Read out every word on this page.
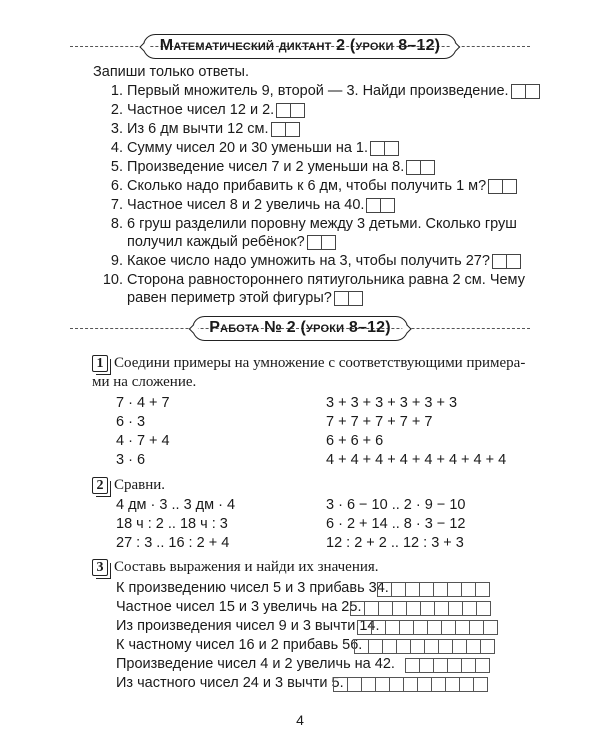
Математический диктант 2 (уроки 8–12)
Запиши только ответы.
1. Первый множитель 9, второй — 3. Найди произведение.
2. Частное чисел 12 и 2.
3. Из 6 дм вычти 12 см.
4. Сумму чисел 20 и 30 уменьши на 1.
5. Произведение чисел 7 и 2 уменьши на 8.
6. Сколько надо прибавить к 6 дм, чтобы получить 1 м?
7. Частное чисел 8 и 2 увеличь на 40.
8. 6 груш разделили поровну между 3 детьми. Сколько груш
получил каждый ребёнок?
9. Какое число надо умножить на 3, чтобы получить 27?
10. Сторона равностороннего пятиугольника равна 2 см. Чему
равен периметр этой фигуры?
Работа № 2 (уроки 8–12)
1 Соедини примеры на умножение с соответствующими примера-
ми на сложение.
7 · 4 + 7
6 · 3
4 · 7 + 4
3 · 6
3 + 3 + 3 + 3 + 3 + 3
7 + 7 + 7 + 7 + 7
6 + 6 + 6
4 + 4 + 4 + 4 + 4 + 4 + 4 + 4
2 Сравни.
4 дм · 3 .. 3 дм · 4
18 ч : 2 .. 18 ч : 3
27 : 3 .. 16 : 2 + 4
3 · 6 − 10 .. 2 · 9 − 10
6 · 2 + 14 .. 8 · 3 − 12
12 : 2 + 2 .. 12 : 3 + 3
3 Составь выражения и найди их значения.
К произведению чисел 5 и 3 прибавь 34.
Частное чисел 15 и 3 увеличь на 25.
Из произведения чисел 9 и 3 вычти 14.
К частному чисел 16 и 2 прибавь 56.
Произведение чисел 4 и 2 увеличь на 42.
Из частного чисел 24 и 3 вычти 5.
4
